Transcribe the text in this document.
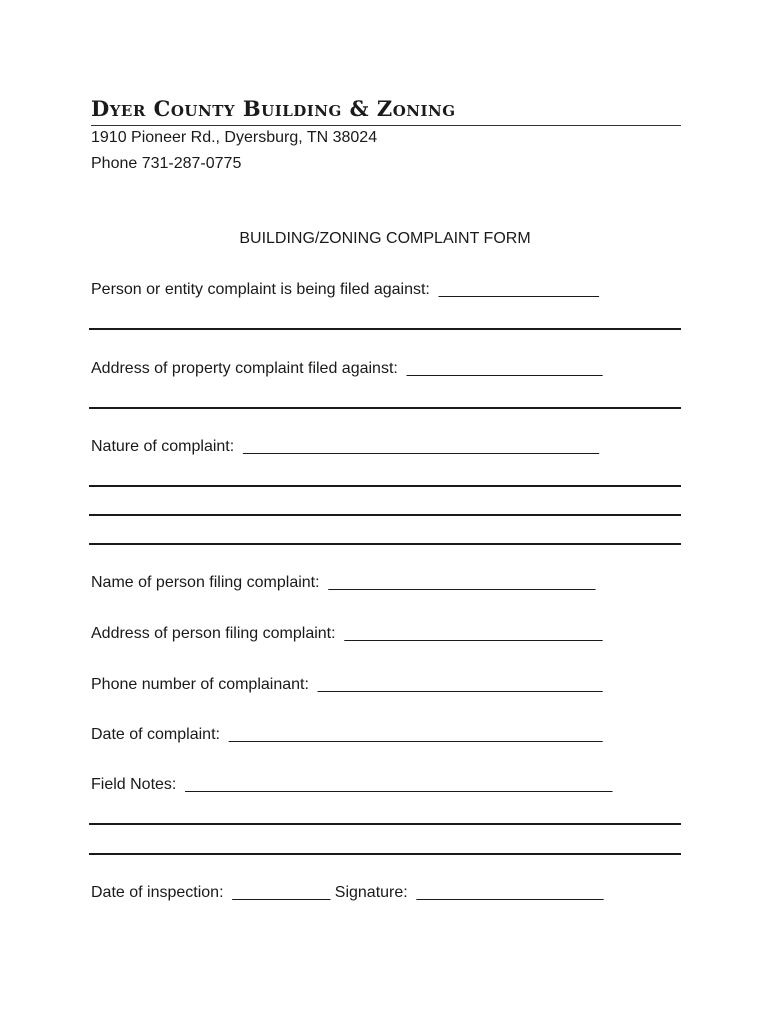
Dyer County Building & Zoning
1910 Pioneer Rd., Dyersburg, TN 38024
Phone 731-287-0775
BUILDING/ZONING COMPLAINT FORM
Person or entity complaint is being filed against: __________________
Address of property complaint filed against: ______________________
Nature of complaint: ________________________________________
Name of person filing complaint: ______________________________
Address of person filing complaint: _____________________________
Phone number of complainant: ________________________________
Date of complaint: __________________________________________
Field Notes: ________________________________________________
Date of inspection: ___________ Signature: _____________________
